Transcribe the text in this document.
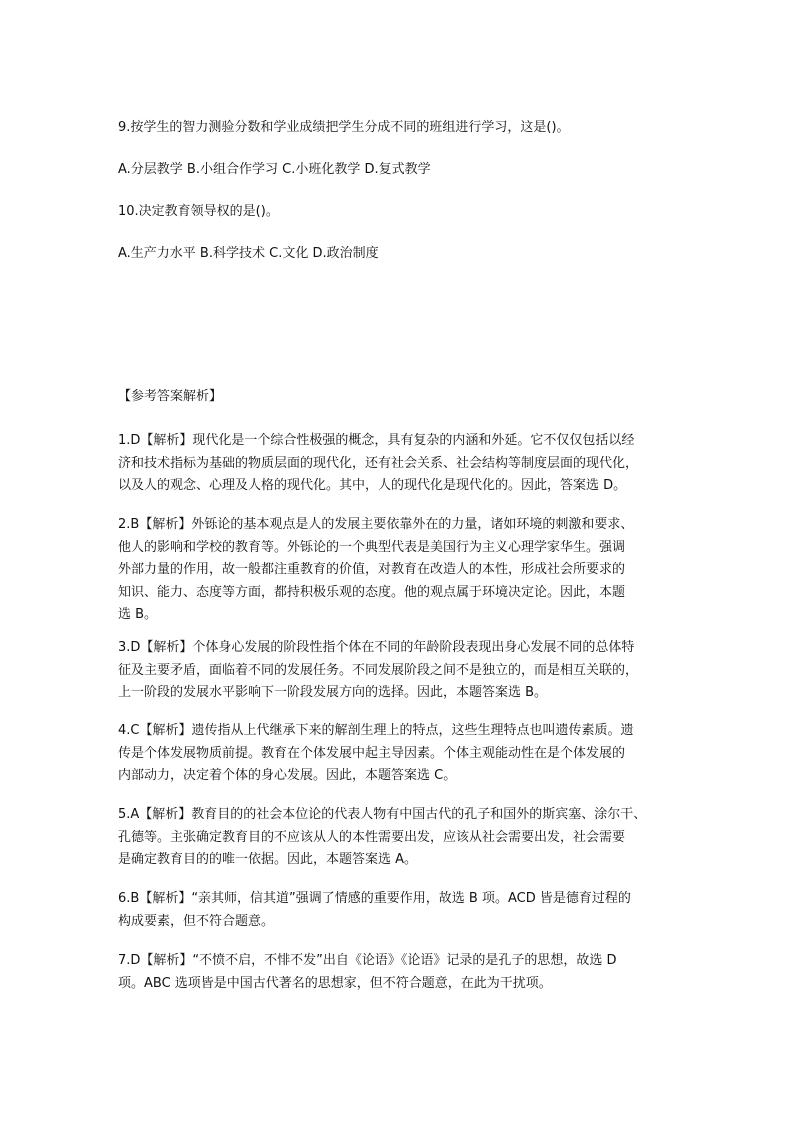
9.按学生的智力测验分数和学业成绩把学生分成不同的班组进行学习，这是()。

A.分层教学 B.小组合作学习 C.小班化教学 D.复式教学

10.决定教育领导权的是()。

A.生产力水平 B.科学技术 C.文化 D.政治制度

【参考答案解析】

1.D【解析】现代化是一个综合性极强的概念，具有复杂的内涵和外延。它不仅仅包括以经
济和技术指标为基础的物质层面的现代化，还有社会关系、社会结构等制度层面的现代化，
以及人的观念、心理及人格的现代化。其中，人的现代化是现代化的。因此，答案选 D。
2.B【解析】外铄论的基本观点是人的发展主要依靠外在的力量，诸如环境的刺激和要求、
他人的影响和学校的教育等。外铄论的一个典型代表是美国行为主义心理学家华生。强调
外部力量的作用，故一般都注重教育的价值，对教育在改造人的本性，形成社会所要求的
知识、能力、态度等方面，都持积极乐观的态度。他的观点属于环境决定论。因此，本题
选 B。
3.D【解析】个体身心发展的阶段性指个体在不同的年龄阶段表现出身心发展不同的总体特
征及主要矛盾，面临着不同的发展任务。不同发展阶段之间不是独立的，而是相互关联的，
上一阶段的发展水平影响下一阶段发展方向的选择。因此，本题答案选 B。
4.C【解析】遗传指从上代继承下来的解剖生理上的特点，这些生理特点也叫遗传素质。遗
传是个体发展物质前提。教育在个体发展中起主导因素。个体主观能动性在是个体发展的
内部动力，决定着个体的身心发展。因此，本题答案选 C。
5.A【解析】教育目的的社会本位论的代表人物有中国古代的孔子和国外的斯宾塞、涂尔干、
孔德等。主张确定教育目的不应该从人的本性需要出发，应该从社会需要出发，社会需要
是确定教育目的的唯一依据。因此，本题答案选 A。
6.B【解析】“亲其师，信其道”强调了情感的重要作用，故选 B 项。ACD 皆是德育过程的
构成要素，但不符合题意。
7.D【解析】“不愤不启，不悱不发”出自《论语》《论语》记录的是孔子的思想，故选 D
项。ABC 选项皆是中国古代著名的思想家，但不符合题意，在此为干扰项。
